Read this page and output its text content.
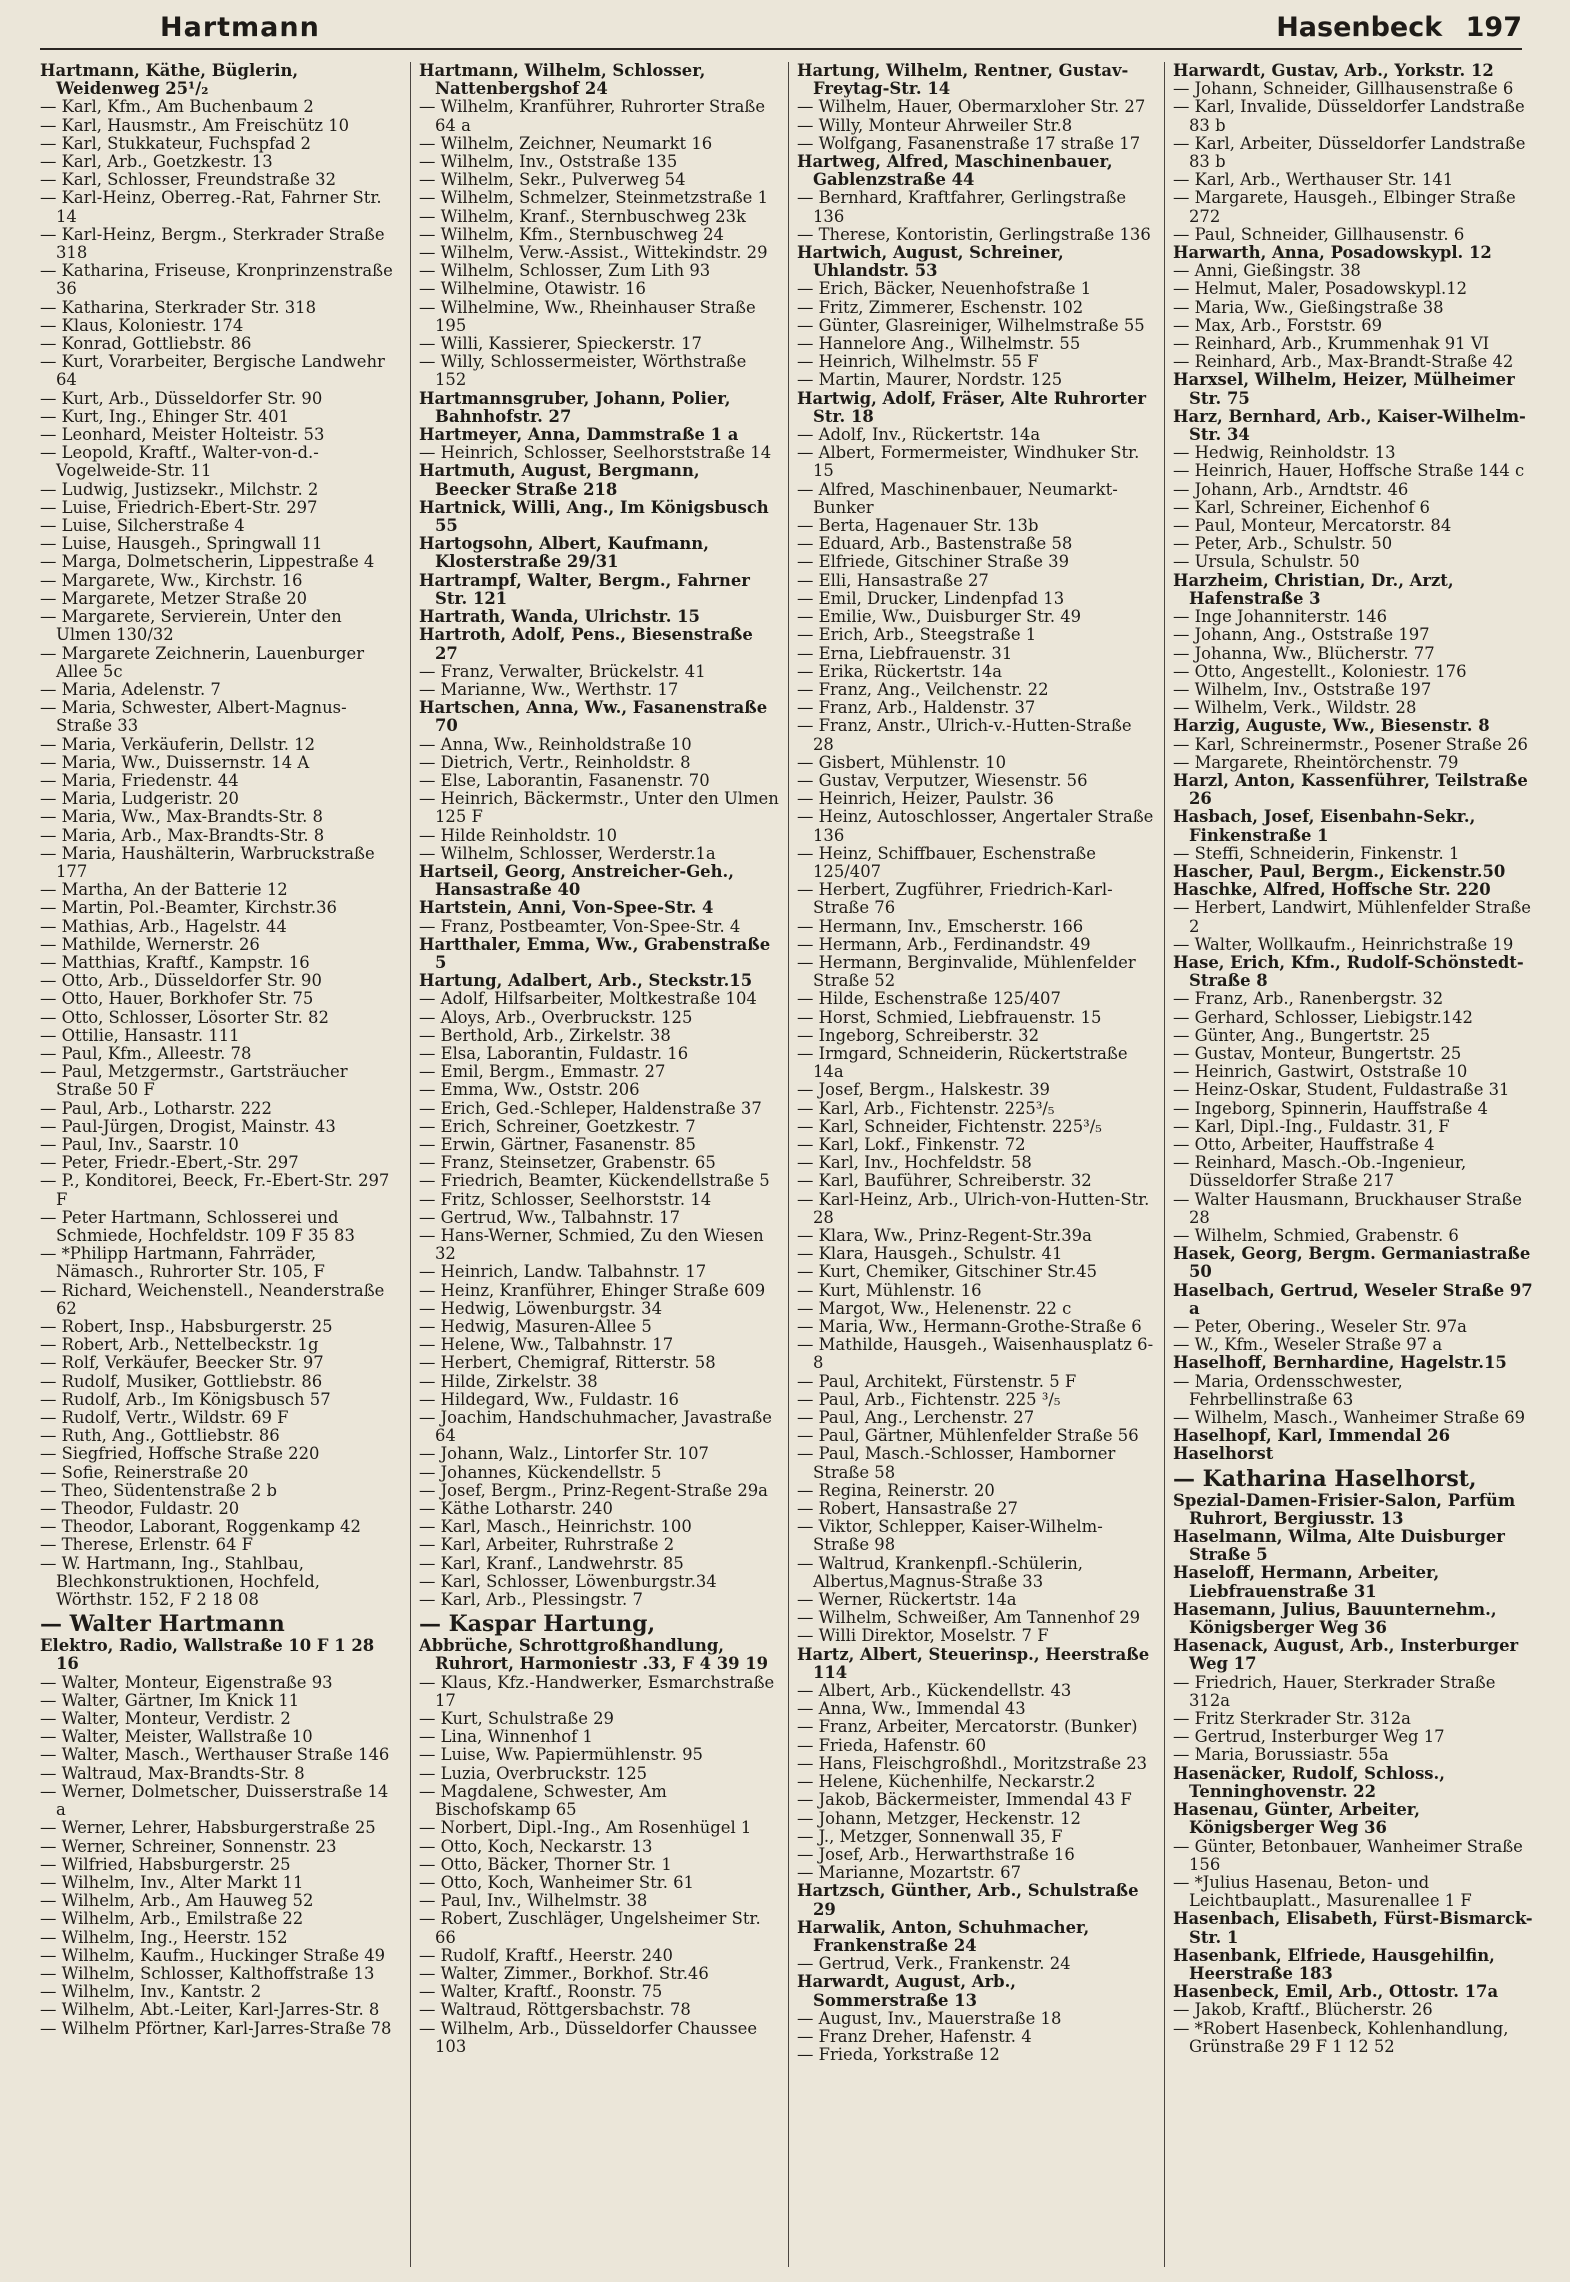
Hartmann	Hasenbeck 197

Hartmann, Käthe, Büglerin, Weidenweg 25¹/₂

— Karl, Kfm., Am Buchenbaum 2

— Karl, Hausmstr., Am Freischütz 10

— Karl, Stukkateur, Fuchspfad 2

— Karl, Arb., Goetzkestr. 13

— Karl, Schlosser, Freundstraße 32

— Karl-Heinz, Oberreg.-Rat, Fahrner Str. 14

— Karl-Heinz, Bergm., Sterkrader Straße 318

— Katharina, Friseuse, Kronprinzenstraße 36

— Katharina, Sterkrader Str. 318

— Klaus, Koloniestr. 174

— Konrad, Gottliebstr. 86

— Kurt, Vorarbeiter, Bergische Landwehr 64

— Kurt, Arb., Düsseldorfer Str. 90

— Kurt, Ing., Ehinger Str. 401

— Leonhard, Meister Holteistr. 53

— Leopold, Kraftf., Walter-von-d.-Vogelweide-Str. 11

— Ludwig, Justizsekr., Milchstr. 2

— Luise, Friedrich-Ebert-Str. 297

— Luise, Silcherstraße 4

— Luise, Hausgeh., Springwall 11

— Marga, Dolmetscherin, Lippestraße 4

— Margarete, Ww., Kirchstr. 16

— Margarete, Metzer Straße 20

— Margarete, Servierein, Unter den Ulmen 130/32

— Margarete Zeichnerin, Lauenburger Allee 5c

— Maria, Adelenstr. 7

— Maria, Schwester, Albert-Magnus-Straße 33

— Maria, Verkäuferin, Dellstr. 12

— Maria, Ww., Duissernstr. 14 A

— Maria, Friedenstr. 44

— Maria, Ludgeristr. 20

— Maria, Ww., Max-Brandts-Str. 8

— Maria, Arb., Max-Brandts-Str. 8

— Maria, Haushälterin, Warbruckstraße 177

— Martha, An der Batterie 12

— Martin, Pol.-Beamter, Kirchstr.36

— Mathias, Arb., Hagelstr. 44

— Mathilde, Wernerstr. 26

— Matthias, Kraftf., Kampstr. 16

— Otto, Arb., Düsseldorfer Str. 90

— Otto, Hauer, Borkhofer Str. 75

— Otto, Schlosser, Lösorter Str. 82

— Ottilie, Hansastr. 111

— Paul, Kfm., Alleestr. 78

— Paul, Metzgermstr., Gartsträucher Straße 50 F

— Paul, Arb., Lotharstr. 222

— Paul-Jürgen, Drogist, Mainstr. 43

— Paul, Inv., Saarstr. 10

— Peter, Friedr.-Ebert,-Str. 297

— P., Konditorei, Beeck, Fr.-Ebert-Str. 297 F

— Peter Hartmann, Schlosserei und Schmiede, Hochfeldstr. 109 F 35 83

— *Philipp Hartmann, Fahrräder, Nämasch., Ruhrorter Str. 105, F

— Richard, Weichenstell., Neanderstraße 62

— Robert, Insp., Habsburgerstr. 25

— Robert, Arb., Nettelbeckstr. 1g

— Rolf, Verkäufer, Beecker Str. 97

— Rudolf, Musiker, Gottliebstr. 86

— Rudolf, Arb., Im Königsbusch 57

— Rudolf, Vertr., Wildstr. 69 F

— Ruth, Ang., Gottliebstr. 86

— Siegfried, Hoffsche Straße 220

— Sofie, Reinerstraße 20

— Theo, Südentenstraße 2 b

— Theodor, Fuldastr. 20

— Theodor, Laborant, Roggenkamp 42

— Therese, Erlenstr. 64 F

— W. Hartmann, Ing., Stahlbau, Blechkonstruktionen, Hochfeld, Wörthstr. 152, F 2 18 08

— Walter Hartmann

Elektro, Radio, Wallstraße 10 F 1 28 16

— Walter, Monteur, Eigenstraße 93

— Walter, Gärtner, Im Knick 11

— Walter, Monteur, Verdistr. 2

— Walter, Meister, Wallstraße 10

— Walter, Masch., Werthauser Straße 146

— Waltraud, Max-Brandts-Str. 8

— Werner, Dolmetscher, Duisserstraße 14 a

— Werner, Lehrer, Habsburgerstraße 25

— Werner, Schreiner, Sonnenstr. 23

— Wilfried, Habsburgerstr. 25

— Wilhelm, Inv., Alter Markt 11

— Wilhelm, Arb., Am Hauweg 52

— Wilhelm, Arb., Emilstraße 22

— Wilhelm, Ing., Heerstr. 152

— Wilhelm, Kaufm., Huckinger Straße 49

— Wilhelm, Schlosser, Kalthoffstraße 13

— Wilhelm, Inv., Kantstr. 2

— Wilhelm, Abt.-Leiter, Karl-Jarres-Str. 8

— Wilhelm Pförtner, Karl-Jarres-Straße 78

Hartmann, Wilhelm, Schlosser, Nattenbergshof 24

— Wilhelm, Kranführer, Ruhrorter Straße 64 a

— Wilhelm, Zeichner, Neumarkt 16

— Wilhelm, Inv., Oststraße 135

— Wilhelm, Sekr., Pulverweg 54

— Wilhelm, Schmelzer, Steinmetzstraße 1

— Wilhelm, Kranf., Sternbuschweg 23k

— Wilhelm, Kfm., Sternbuschweg 24

— Wilhelm, Verw.-Assist., Wittekindstr. 29

— Wilhelm, Schlosser, Zum Lith 93

— Wilhelmine, Otawistr. 16

— Wilhelmine, Ww., Rheinhauser Straße 195

— Willi, Kassierer, Spieckerstr. 17

— Willy, Schlossermeister, Wörthstraße 152

Hartmannsgruber, Johann, Polier, Bahnhofstr. 27

Hartmeyer, Anna, Dammstraße 1 a

— Heinrich, Schlosser, Seelhorststraße 14

Hartmuth, August, Bergmann, Beecker Straße 218

Hartnick, Willi, Ang., Im Königsbusch 55

Hartogsohn, Albert, Kaufmann, Klosterstraße 29/31

Hartrampf, Walter, Bergm., Fahrner Str. 121

Hartrath, Wanda, Ulrichstr. 15

Hartroth, Adolf, Pens., Biesenstraße 27

— Franz, Verwalter, Brückelstr. 41

— Marianne, Ww., Werthstr. 17

Hartschen, Anna, Ww., Fasanenstraße 70

— Anna, Ww., Reinholdstraße 10

— Dietrich, Vertr., Reinholdstr. 8

— Else, Laborantin, Fasanenstr. 70

— Heinrich, Bäckermstr., Unter den Ulmen 125 F

— Hilde Reinholdstr. 10

— Wilhelm, Schlosser, Werderstr.1a

Hartseil, Georg, Anstreicher-Geh., Hansastraße 40

Hartstein, Anni, Von-Spee-Str. 4

— Franz, Postbeamter, Von-Spee-Str. 4

Hartthaler, Emma, Ww., Grabenstraße 5

Hartung, Adalbert, Arb., Steckstr.15

— Adolf, Hilfsarbeiter, Moltkestraße 104

— Aloys, Arb., Overbruckstr. 125

— Berthold, Arb., Zirkelstr. 38

— Elsa, Laborantin, Fuldastr. 16

— Emil, Bergm., Emmastr. 27

— Emma, Ww., Oststr. 206

— Erich, Ged.-Schleper, Haldenstraße 37

— Erich, Schreiner, Goetzkestr. 7

— Erwin, Gärtner, Fasanenstr. 85

— Franz, Steinsetzer, Grabenstr. 65

— Friedrich, Beamter, Kückendellstraße 5

— Fritz, Schlosser, Seelhorststr. 14

— Gertrud, Ww., Talbahnstr. 17

— Hans-Werner, Schmied, Zu den Wiesen 32

— Heinrich, Landw. Talbahnstr. 17

— Heinz, Kranführer, Ehinger Straße 609

— Hedwig, Löwenburgstr. 34

— Hedwig, Masuren-Allee 5

— Helene, Ww., Talbahnstr. 17

— Herbert, Chemigraf, Ritterstr. 58

— Hilde, Zirkelstr. 38

— Hildegard, Ww., Fuldastr. 16

— Joachim, Handschuhmacher, Javastraße 64

— Johann, Walz., Lintorfer Str. 107

— Johannes, Kückendellstr. 5

— Josef, Bergm., Prinz-Regent-Straße 29a

— Käthe Lotharstr. 240

— Karl, Masch., Heinrichstr. 100

— Karl, Arbeiter, Ruhrstraße 2

— Karl, Kranf., Landwehrstr. 85

— Karl, Schlosser, Löwenburgstr.34

— Karl, Arb., Plessingstr. 7

— Kaspar Hartung,

Abbrüche, Schrottgroßhandlung, Ruhrort, Harmoniestr .33, F 4 39 19

— Klaus, Kfz.-Handwerker, Esmarchstraße 17

— Kurt, Schulstraße 29

— Lina, Winnenhof 1

— Luise, Ww. Papiermühlenstr. 95

— Luzia, Overbruckstr. 125

— Magdalene, Schwester, Am Bischofskamp 65

— Norbert, Dipl.-Ing., Am Rosenhügel 1

— Otto, Koch, Neckarstr. 13

— Otto, Bäcker, Thorner Str. 1

— Otto, Koch, Wanheimer Str. 61

— Paul, Inv., Wilhelmstr. 38

— Robert, Zuschläger, Ungelsheimer Str. 66

— Rudolf, Kraftf., Heerstr. 240

— Walter, Zimmer., Borkhof. Str.46

— Walter, Kraftf., Roonstr. 75

— Waltraud, Röttgersbachstr. 78

— Wilhelm, Arb., Düsseldorfer Chaussee 103

Hartung, Wilhelm, Rentner, Gustav-Freytag-Str. 14

— Wilhelm, Hauer, Obermarxloher Str. 27

— Willy, Monteur Ahrweiler Str.8

— Wolfgang, Fasanenstraße 17 straße 17

Hartweg, Alfred, Maschinenbauer, Gablenzstraße 44

— Bernhard, Kraftfahrer, Gerlingstraße 136

— Therese, Kontoristin, Gerlingstraße 136

Hartwich, August, Schreiner, Uhlandstr. 53

— Erich, Bäcker, Neuenhofstraße 1

— Fritz, Zimmerer, Eschenstr. 102

— Günter, Glasreiniger, Wilhelmstraße 55

— Hannelore Ang., Wilhelmstr. 55

— Heinrich, Wilhelmstr. 55 F

— Martin, Maurer, Nordstr. 125

Hartwig, Adolf, Fräser, Alte Ruhrorter Str. 18

— Adolf, Inv., Rückertstr. 14a

— Albert, Formermeister, Windhuker Str. 15

— Alfred, Maschinenbauer, Neumarkt-Bunker

— Berta, Hagenauer Str. 13b

— Eduard, Arb., Bastenstraße 58

— Elfriede, Gitschiner Straße 39

— Elli, Hansastraße 27

— Emil, Drucker, Lindenpfad 13

— Emilie, Ww., Duisburger Str. 49

— Erich, Arb., Steegstraße 1

— Erna, Liebfrauenstr. 31

— Erika, Rückertstr. 14a

— Franz, Ang., Veilchenstr. 22

— Franz, Arb., Haldenstr. 37

— Franz, Anstr., Ulrich-v.-Hutten-Straße 28

— Gisbert, Mühlenstr. 10

— Gustav, Verputzer, Wiesenstr. 56

— Heinrich, Heizer, Paulstr. 36

— Heinz, Autoschlosser, Angertaler Straße 136

— Heinz, Schiffbauer, Eschenstraße 125/407

— Herbert, Zugführer, Friedrich-Karl-Straße 76

— Hermann, Inv., Emscherstr. 166

— Hermann, Arb., Ferdinandstr. 49

— Hermann, Berginvalide, Mühlenfelder Straße 52

— Hilde, Eschenstraße 125/407

— Horst, Schmied, Liebfrauenstr. 15

— Ingeborg, Schreiberstr. 32

— Irmgard, Schneiderin, Rückertstraße 14a

— Josef, Bergm., Halskestr. 39

— Karl, Arb., Fichtenstr. 225³/₅

— Karl, Schneider, Fichtenstr. 225³/₅

— Karl, Lokf., Finkenstr. 72

— Karl, Inv., Hochfeldstr. 58

— Karl, Bauführer, Schreiberstr. 32

— Karl-Heinz, Arb., Ulrich-von-Hutten-Str. 28

— Klara, Ww., Prinz-Regent-Str.39a

— Klara, Hausgeh., Schulstr. 41

— Kurt, Chemiker, Gitschiner Str.45

— Kurt, Mühlenstr. 16

— Margot, Ww., Helenenstr. 22 c

— Maria, Ww., Hermann-Grothe-Straße 6

— Mathilde, Hausgeh., Waisenhausplatz 6-8

— Paul, Architekt, Fürstenstr. 5 F

— Paul, Arb., Fichtenstr. 225 ³/₅

— Paul, Ang., Lerchenstr. 27

— Paul, Gärtner, Mühlenfelder Straße 56

— Paul, Masch.-Schlosser, Hamborner Straße 58

— Regina, Reinerstr. 20

— Robert, Hansastraße 27

— Viktor, Schlepper, Kaiser-Wilhelm-Straße 98

— Waltrud, Krankenpfl.-Schülerin, Albertus,Magnus-Straße 33

— Werner, Rückertstr. 14a

— Wilhelm, Schweißer, Am Tannenhof 29

— Willi Direktor, Moselstr. 7 F

Hartz, Albert, Steuerinsp., Heerstraße 114

— Albert, Arb., Kückendellstr. 43

— Anna, Ww., Immendal 43

— Franz, Arbeiter, Mercatorstr. (Bunker)

— Frieda, Hafenstr. 60

— Hans, Fleischgroßhdl., Moritzstraße 23

— Helene, Küchenhilfe, Neckarstr.2

— Jakob, Bäckermeister, Immendal 43 F

— Johann, Metzger, Heckenstr. 12

— J., Metzger, Sonnenwall 35, F

— Josef, Arb., Herwarthstraße 16

— Marianne, Mozartstr. 67

Hartzsch, Günther, Arb., Schulstraße 29

Harwalik, Anton, Schuhmacher, Frankenstraße 24

— Gertrud, Verk., Frankenstr. 24

Harwardt, August, Arb., Sommerstraße 13

— August, Inv., Mauerstraße 18

— Franz Dreher, Hafenstr. 4

— Frieda, Yorkstraße 12

Harwardt, Gustav, Arb., Yorkstr. 12

— Johann, Schneider, Gillhausenstraße 6

— Karl, Invalide, Düsseldorfer Landstraße 83 b

— Karl, Arbeiter, Düsseldorfer Landstraße 83 b

— Karl, Arb., Werthauser Str. 141

— Margarete, Hausgeh., Elbinger Straße 272

— Paul, Schneider, Gillhausenstr. 6

Harwarth, Anna, Posadowskypl. 12

— Anni, Gießingstr. 38

— Helmut, Maler, Posadowskypl.12

— Maria, Ww., Gießingstraße 38

— Max, Arb., Forststr. 69

— Reinhard, Arb., Krummenhak 91 VI

— Reinhard, Arb., Max-Brandt-Straße 42

Harxsel, Wilhelm, Heizer, Mülheimer Str. 75

Harz, Bernhard, Arb., Kaiser-Wilhelm-Str. 34

— Hedwig, Reinholdstr. 13

— Heinrich, Hauer, Hoffsche Straße 144 c

— Johann, Arb., Arndtstr. 46

— Karl, Schreiner, Eichenhof 6

— Paul, Monteur, Mercatorstr. 84

— Peter, Arb., Schulstr. 50

— Ursula, Schulstr. 50

Harzheim, Christian, Dr., Arzt, Hafenstraße 3

— Inge Johanniterstr. 146

— Johann, Ang., Oststraße 197

— Johanna, Ww., Blücherstr. 77

— Otto, Angestellt., Koloniestr. 176

— Wilhelm, Inv., Oststraße 197

— Wilhelm, Verk., Wildstr. 28

Harzig, Auguste, Ww., Biesenstr. 8

— Karl, Schreinermstr., Posener Straße 26

— Margarete, Rheintörchenstr. 79

Harzl, Anton, Kassenführer, Teilstraße 26

Hasbach, Josef, Eisenbahn-Sekr., Finkenstraße 1

— Steffi, Schneiderin, Finkenstr. 1

Hascher, Paul, Bergm., Eickenstr.50

Haschke, Alfred, Hoffsche Str. 220

— Herbert, Landwirt, Mühlenfelder Straße 2

— Walter, Wollkaufm., Heinrichstraße 19

Hase, Erich, Kfm., Rudolf-Schönstedt-Straße 8

— Franz, Arb., Ranenbergstr. 32

— Gerhard, Schlosser, Liebigstr.142

— Günter, Ang., Bungertstr. 25

— Gustav, Monteur, Bungertstr. 25

— Heinrich, Gastwirt, Oststraße 10

— Heinz-Oskar, Student, Fuldastraße 31

— Ingeborg, Spinnerin, Hauffstraße 4

— Karl, Dipl.-Ing., Fuldastr. 31, F

— Otto, Arbeiter, Hauffstraße 4

— Reinhard, Masch.-Ob.-Ingenieur, Düsseldorfer Straße 217

— Walter Hausmann, Bruckhauser Straße 28

— Wilhelm, Schmied, Grabenstr. 6

Hasek, Georg, Bergm. Germaniastraße 50

Haselbach, Gertrud, Weseler Straße 97 a

— Peter, Obering., Weseler Str. 97a

— W., Kfm., Weseler Straße 97 a

Haselhoff, Bernhardine, Hagelstr.15

— Maria, Ordensschwester, Fehrbellinstraße 63

— Wilhelm, Masch., Wanheimer Straße 69

Haselhopf, Karl, Immendal 26

Haselhorst

— Katharina Haselhorst,

Spezial-Damen-Frisier-Salon, Parfüm Ruhrort, Bergiusstr. 13

Haselmann, Wilma, Alte Duisburger Straße 5

Haseloff, Hermann, Arbeiter, Liebfrauenstraße 31

Hasemann, Julius, Bauunternehm., Königsberger Weg 36

Hasenack, August, Arb., Insterburger Weg 17

— Friedrich, Hauer, Sterkrader Straße 312a

— Fritz Sterkrader Str. 312a

— Gertrud, Insterburger Weg 17

— Maria, Borussiastr. 55a

Hasenäcker, Rudolf, Schloss., Tenninghovenstr. 22

Hasenau, Günter, Arbeiter, Königsberger Weg 36

— Günter, Betonbauer, Wanheimer Straße 156

— *Julius Hasenau, Beton- und Leichtbauplatt., Masurenallee 1 F

Hasenbach, Elisabeth, Fürst-Bismarck-Str. 1

Hasenbank, Elfriede, Hausgehilfin, Heerstraße 183

Hasenbeck, Emil, Arb., Ottostr. 17a

— Jakob, Kraftf., Blücherstr. 26

— *Robert Hasenbeck, Kohlenhandlung, Grünstraße 29 F 1 12 52
